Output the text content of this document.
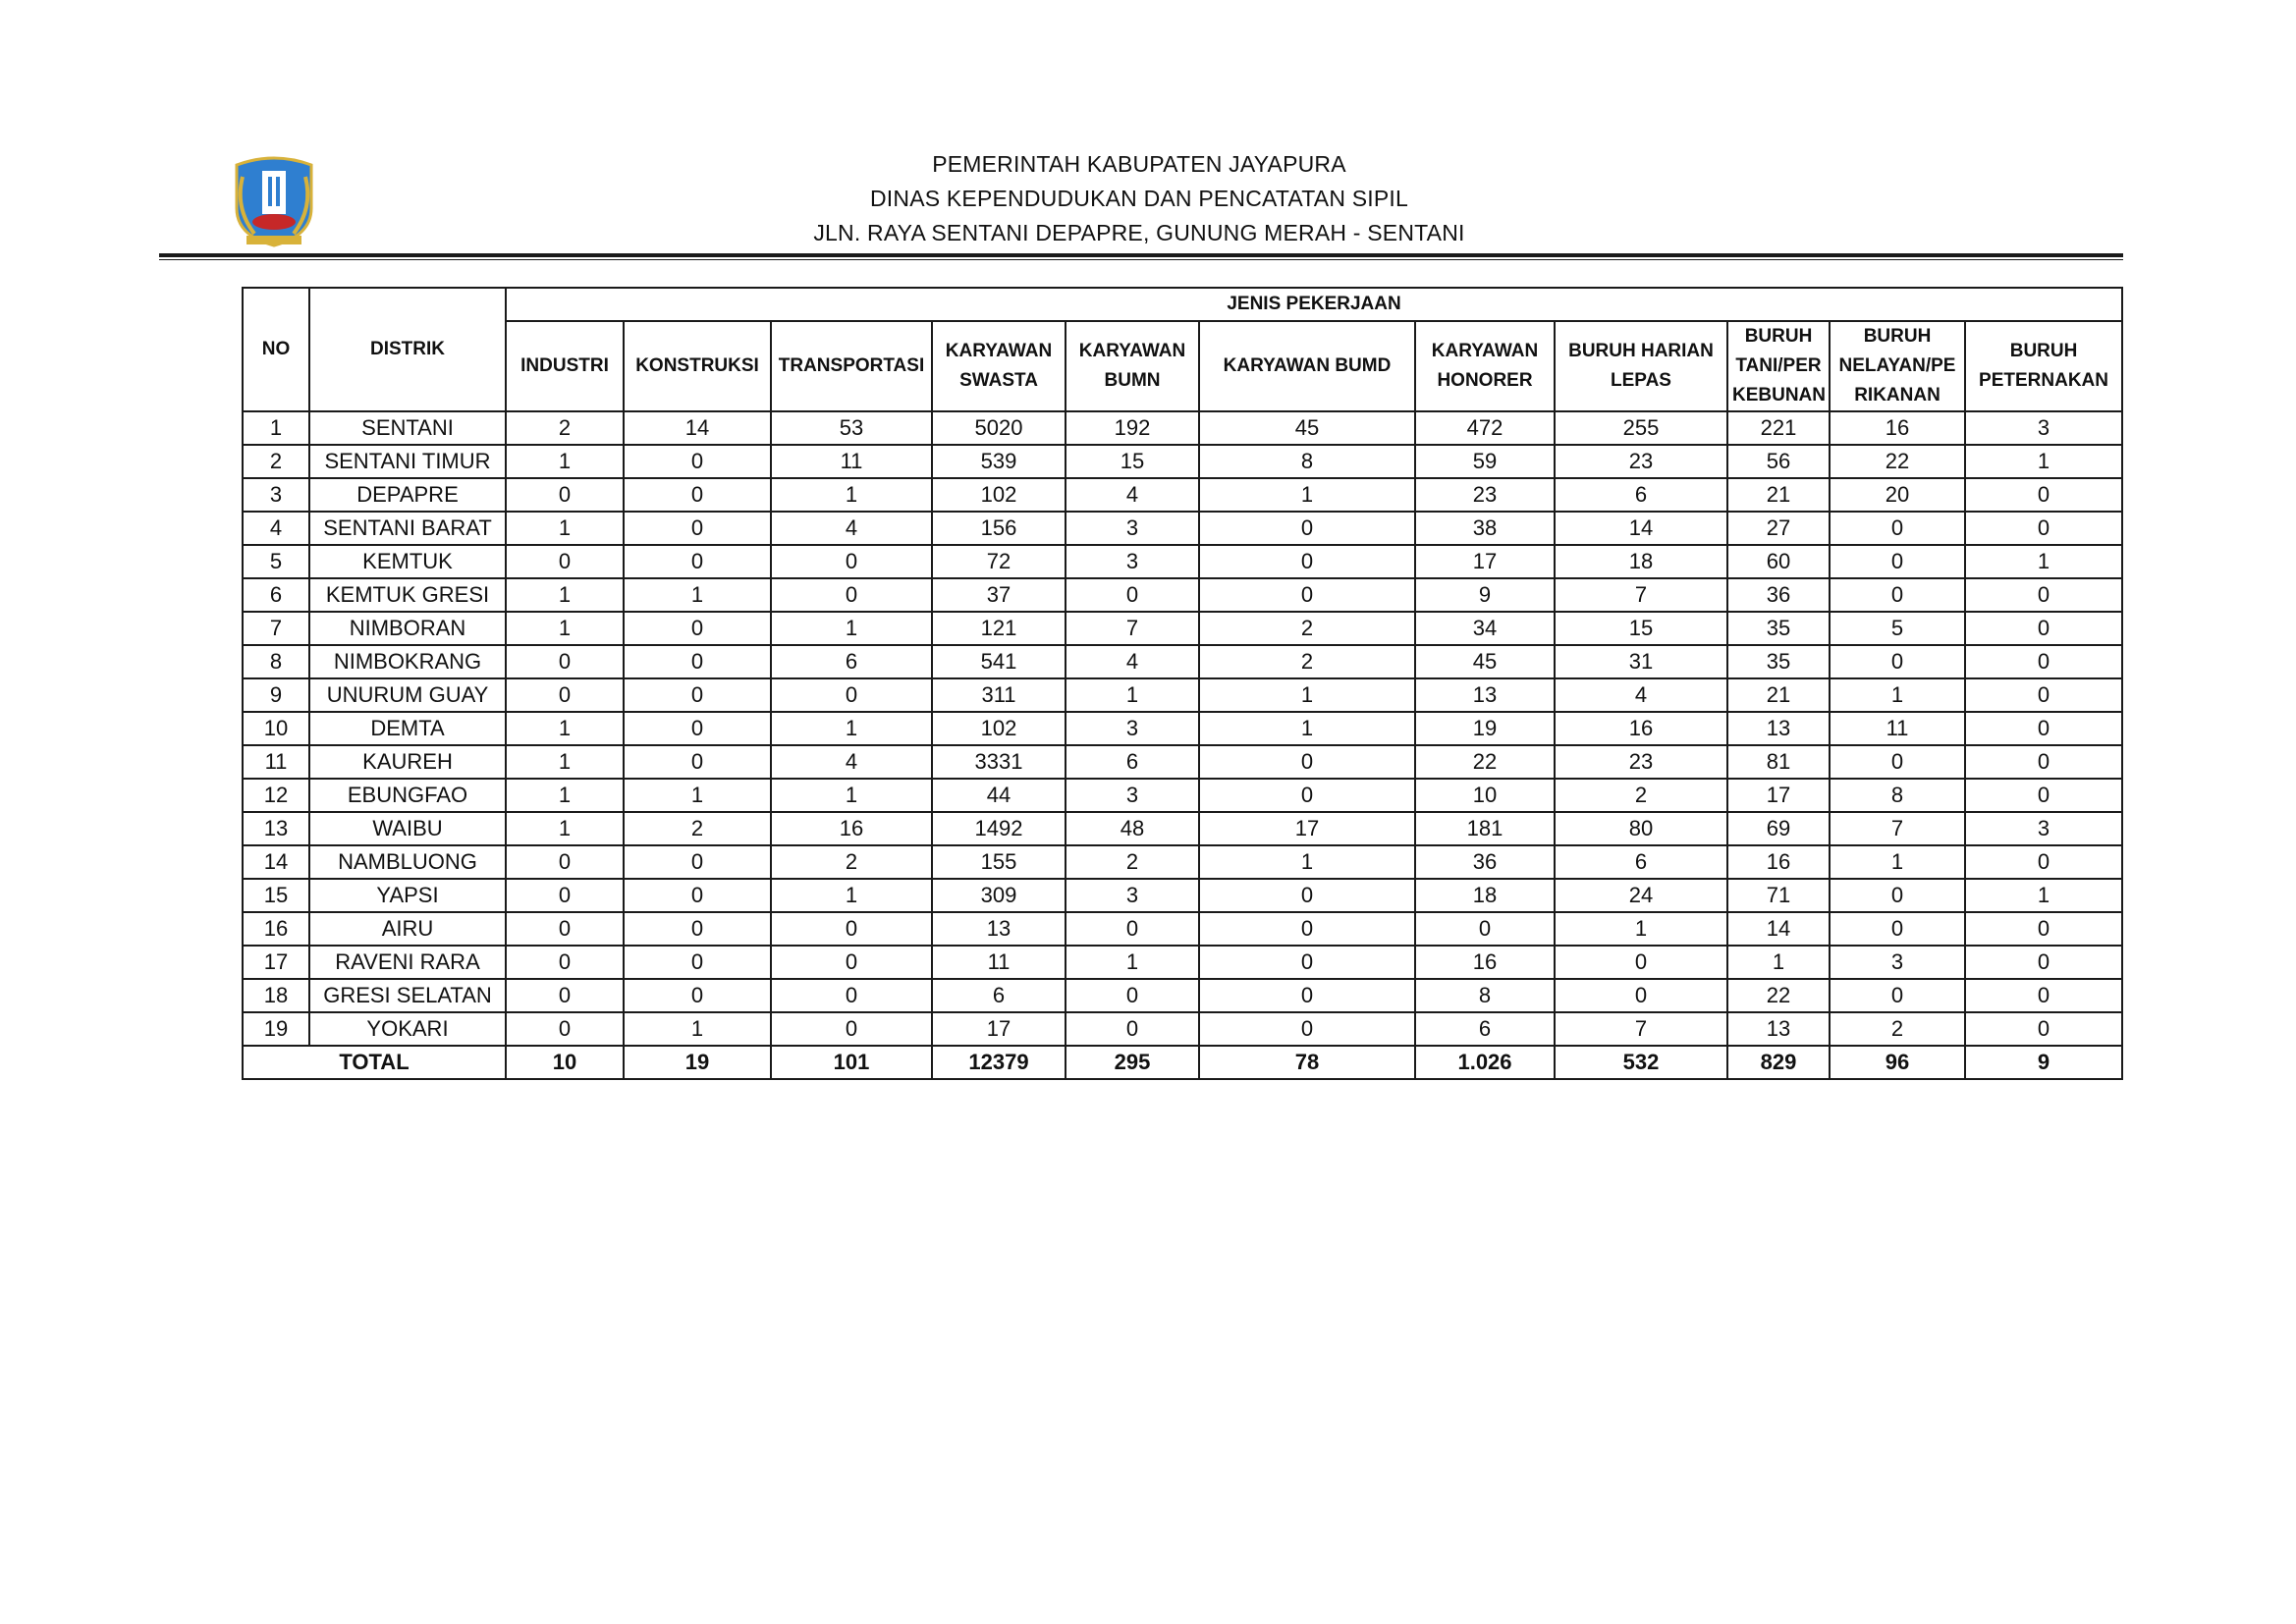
PEMERINTAH KABUPATEN JAYAPURA
DINAS KEPENDUDUKAN DAN PENCATATAN SIPIL
JLN. RAYA SENTANI DEPAPRE, GUNUNG MERAH - SENTANI
NO	DISTRIK	JENIS PEKERJAAN										
		INDUSTRI	KONSTRUKSI	TRANSPORTASI	KARYAWAN SWASTA	KARYAWAN BUMN	KARYAWAN BUMD	KARYAWAN HONORER	BURUH HARIAN LEPAS	BURUH TANI/PER KEBUNAN	BURUH NELAYAN/PE RIKANAN	BURUH PETERNAKAN
1	SENTANI	2	14	53	5020	192	45	472	255	221	16	3
2	SENTANI TIMUR	1	0	11	539	15	8	59	23	56	22	1
3	DEPAPRE	0	0	1	102	4	1	23	6	21	20	0
4	SENTANI BARAT	1	0	4	156	3	0	38	14	27	0	0
5	KEMTUK	0	0	0	72	3	0	17	18	60	0	1
6	KEMTUK GRESI	1	1	0	37	0	0	9	7	36	0	0
7	NIMBORAN	1	0	1	121	7	2	34	15	35	5	0
8	NIMBOKRANG	0	0	6	541	4	2	45	31	35	0	0
9	UNURUM GUAY	0	0	0	311	1	1	13	4	21	1	0
10	DEMTA	1	0	1	102	3	1	19	16	13	11	0
11	KAUREH	1	0	4	3331	6	0	22	23	81	0	0
12	EBUNGFAO	1	1	1	44	3	0	10	2	17	8	0
13	WAIBU	1	2	16	1492	48	17	181	80	69	7	3
14	NAMBLUONG	0	0	2	155	2	1	36	6	16	1	0
15	YAPSI	0	0	1	309	3	0	18	24	71	0	1
16	AIRU	0	0	0	13	0	0	0	1	14	0	0
17	RAVENI RARA	0	0	0	11	1	0	16	0	1	3	0
18	GRESI SELATAN	0	0	0	6	0	0	8	0	22	0	0
19	YOKARI	0	1	0	17	0	0	6	7	13	2	0
TOTAL		10	19	101	12379	295	78	1.026	532	829	96	9
